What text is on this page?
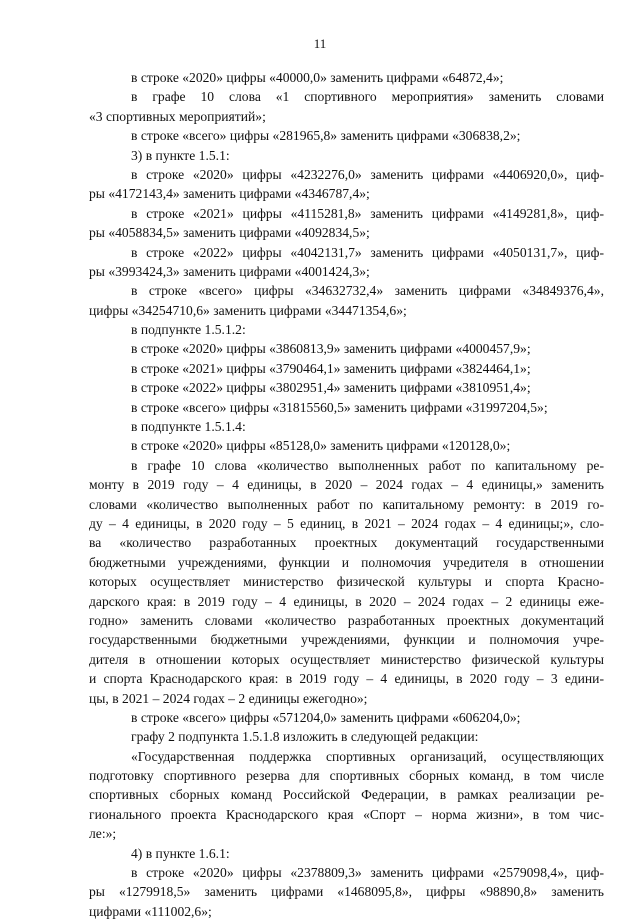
11
в строке «2020» цифры «40000,0» заменить цифрами «64872,4»;
в графе 10 слова «1 спортивного мероприятия» заменить словами
«3 спортивных мероприятий»;
в строке «всего» цифры «281965,8» заменить цифрами «306838,2»;
3) в пункте 1.5.1:
в строке «2020» цифры «4232276,0» заменить цифрами «4406920,0», циф-
ры «4172143,4» заменить цифрами «4346787,4»;
в строке «2021» цифры «4115281,8» заменить цифрами «4149281,8», циф-
ры «4058834,5» заменить цифрами «4092834,5»;
в строке «2022» цифры «4042131,7» заменить цифрами «4050131,7», циф-
ры «3993424,3» заменить цифрами «4001424,3»;
в строке «всего» цифры «34632732,4» заменить цифрами «34849376,4»,
цифры «34254710,6» заменить цифрами «34471354,6»;
в подпункте 1.5.1.2:
в строке «2020» цифры «3860813,9» заменить цифрами «4000457,9»;
в строке «2021» цифры «3790464,1» заменить цифрами «3824464,1»;
в строке «2022» цифры «3802951,4» заменить цифрами «3810951,4»;
в строке «всего» цифры «31815560,5» заменить цифрами «31997204,5»;
в подпункте 1.5.1.4:
в строке «2020» цифры «85128,0» заменить цифрами «120128,0»;
в графе 10 слова «количество выполненных работ по капитальному ре-
монту в 2019 году – 4 единицы, в 2020 – 2024 годах – 4 единицы,» заменить
словами «количество выполненных работ по капитальному ремонту: в 2019 го-
ду – 4 единицы, в 2020 году – 5 единиц, в 2021 – 2024 годах – 4 единицы;», сло-
ва «количество разработанных проектных документаций государственными
бюджетными учреждениями, функции и полномочия учредителя в отношении
которых осуществляет министерство физической культуры и спорта Красно-
дарского края: в 2019 году – 4 единицы, в 2020 – 2024 годах – 2 единицы еже-
годно» заменить словами «количество разработанных проектных документаций
государственными бюджетными учреждениями, функции и полномочия учре-
дителя в отношении которых осуществляет министерство физической культуры
и спорта Краснодарского края: в 2019 году – 4 единицы, в 2020 году – 3 едини-
цы, в 2021 – 2024 годах – 2 единицы ежегодно»;
в строке «всего» цифры «571204,0» заменить цифрами «606204,0»;
графу 2 подпункта 1.5.1.8 изложить в следующей редакции:
«Государственная поддержка спортивных организаций, осуществляющих
подготовку спортивного резерва для спортивных сборных команд, в том числе
спортивных сборных команд Российской Федерации, в рамках реализации ре-
гионального проекта Краснодарского края «Спорт – норма жизни», в том чис-
ле:»;
4) в пункте 1.6.1:
в строке «2020» цифры «2378809,3» заменить цифрами «2579098,4», циф-
ры «1279918,5» заменить цифрами «1468095,8», цифры «98890,8» заменить
цифрами «111002,6»;
